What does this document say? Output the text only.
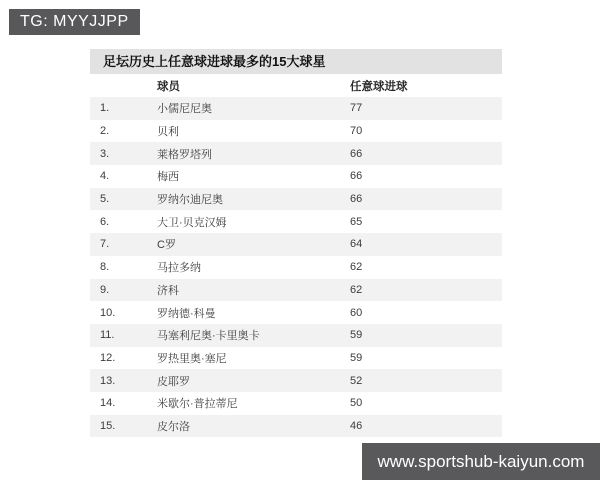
TG: MYYJJPP
足坛历史上任意球进球最多的15大球星
球员	任意球进球
1.	小儒尼尼奥	77
2.	贝利	70
3.	莱格罗塔列	66
4.	梅西	66
5.	罗纳尔迪尼奥	66
6.	大卫·贝克汉姆	65
7.	C罗	64
8.	马拉多纳	62
9.	济科	62
10.	罗纳德·科曼	60
11.	马塞利尼奥·卡里奥卡	59
12.	罗热里奥·塞尼	59
13.	皮耶罗	52
14.	米歇尔·普拉蒂尼	50
15.	皮尔洛	46
www.sportshub-kaiyun.com
